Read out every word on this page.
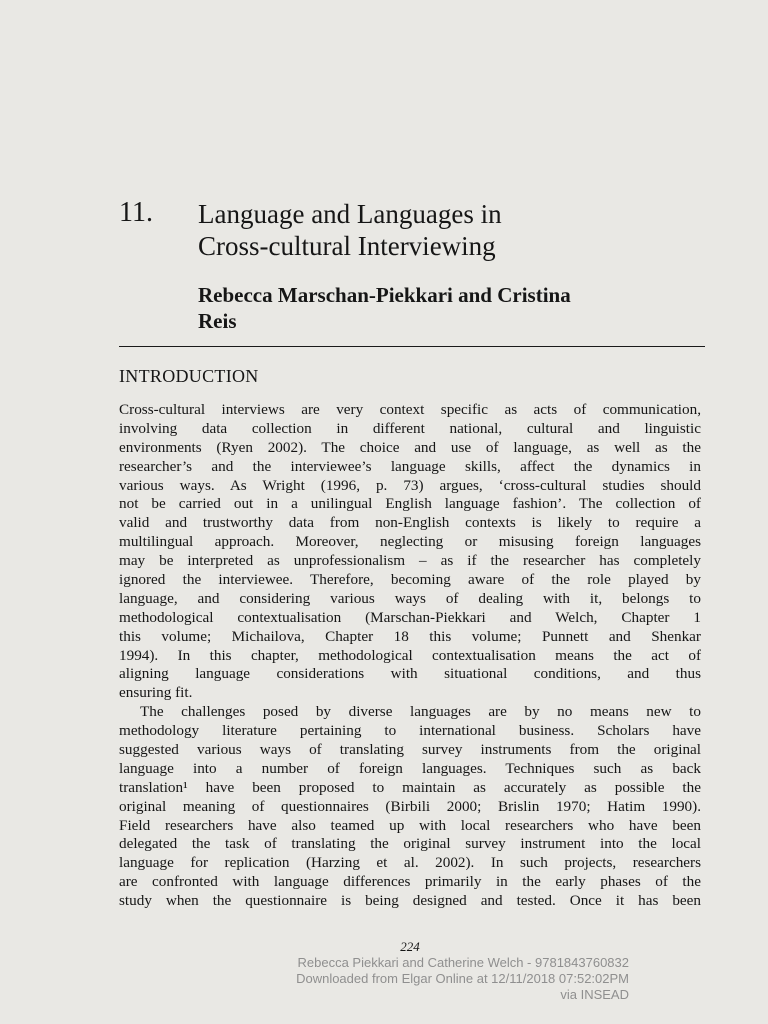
11. Language and Languages in
Cross-cultural Interviewing
Rebecca Marschan-Piekkari and Cristina
Reis
INTRODUCTION
Cross-cultural interviews are very context specific as acts of communication,
involving data collection in different national, cultural and linguistic
environments (Ryen 2002). The choice and use of language, as well as the
researcher’s and the interviewee’s language skills, affect the dynamics in
various ways. As Wright (1996, p. 73) argues, ‘cross-cultural studies should
not be carried out in a unilingual English language fashion’. The collection of
valid and trustworthy data from non-English contexts is likely to require a
multilingual approach. Moreover, neglecting or misusing foreign languages
may be interpreted as unprofessionalism – as if the researcher has completely
ignored the interviewee. Therefore, becoming aware of the role played by
language, and considering various ways of dealing with it, belongs to
methodological contextualisation (Marschan-Piekkari and Welch, Chapter 1
this volume; Michailova, Chapter 18 this volume; Punnett and Shenkar
1994). In this chapter, methodological contextualisation means the act of
aligning language considerations with situational conditions, and thus
ensuring fit.
The challenges posed by diverse languages are by no means new to
methodology literature pertaining to international business. Scholars have
suggested various ways of translating survey instruments from the original
language into a number of foreign languages. Techniques such as back
translation¹ have been proposed to maintain as accurately as possible the
original meaning of questionnaires (Birbili 2000; Brislin 1970; Hatim 1990).
Field researchers have also teamed up with local researchers who have been
delegated the task of translating the original survey instrument into the local
language for replication (Harzing et al. 2002). In such projects, researchers
are confronted with language differences primarily in the early phases of the
study when the questionnaire is being designed and tested. Once it has been
224
Rebecca Piekkari and Catherine Welch - 9781843760832
Downloaded from Elgar Online at 12/11/2018 07:52:02PM
via INSEAD
